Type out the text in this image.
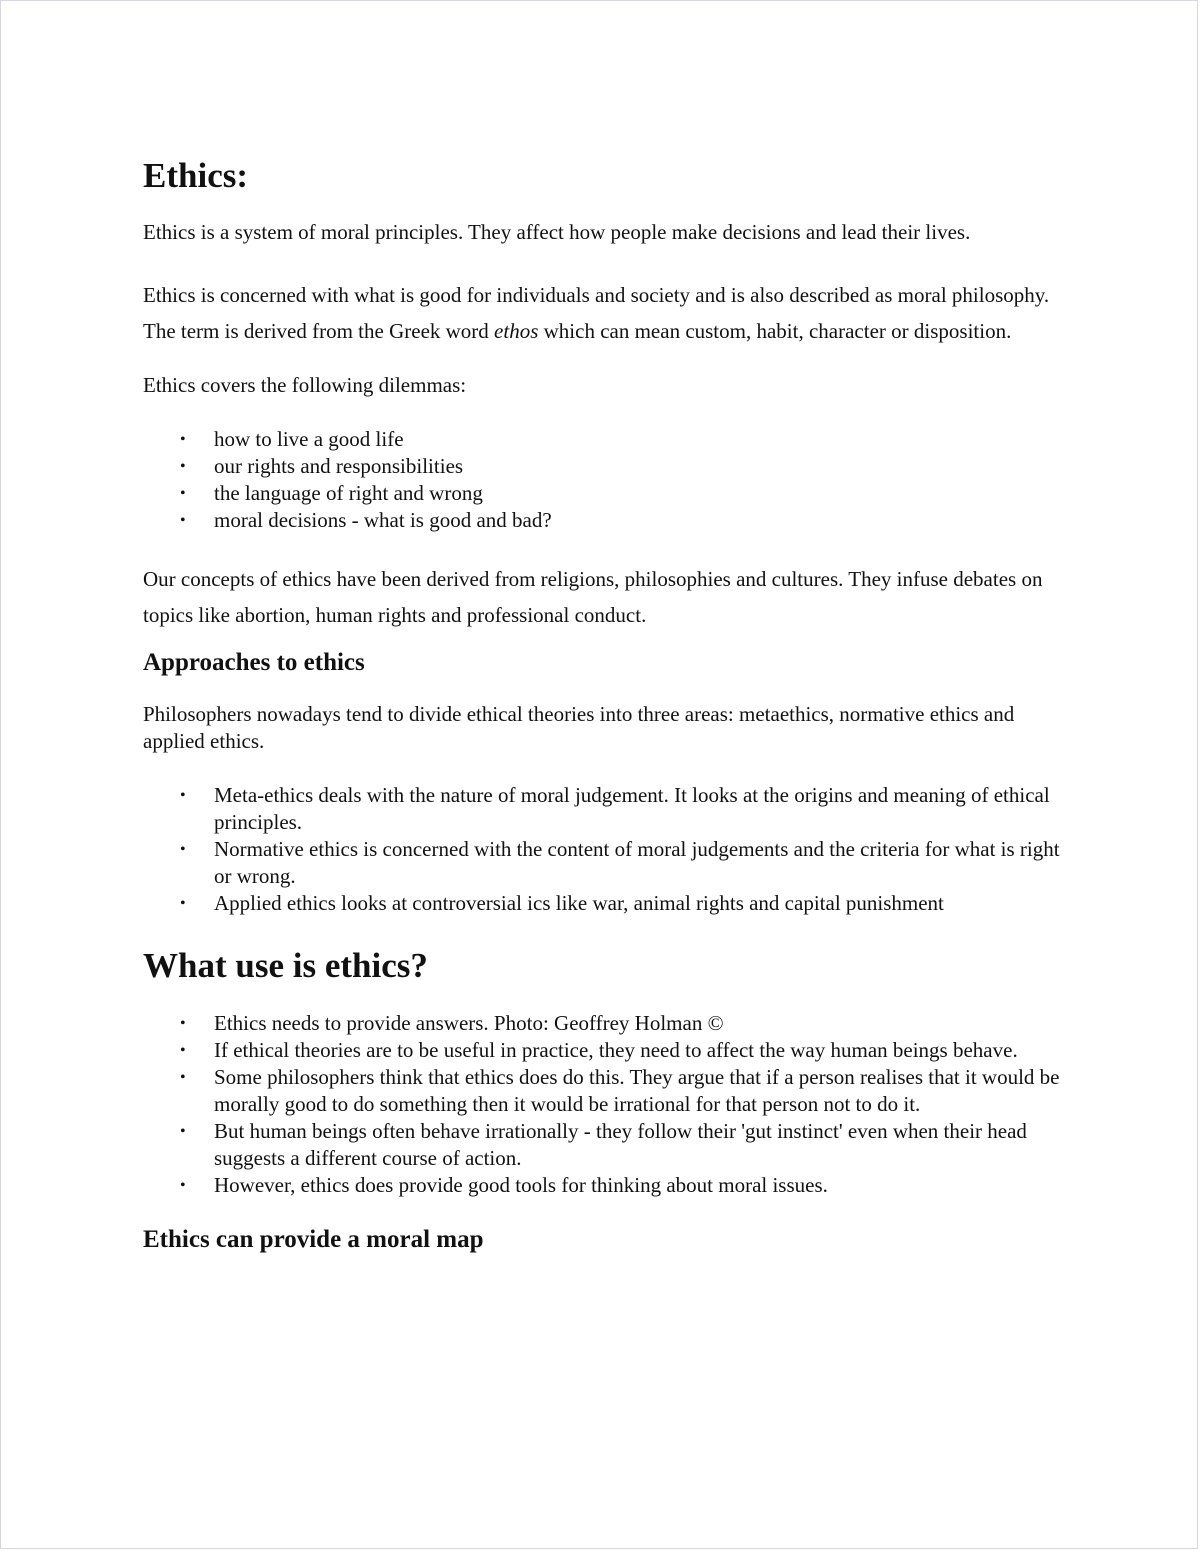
Ethics:

Ethics is a system of moral principles. They affect how people make decisions and lead their lives.

Ethics is concerned with what is good for individuals and society and is also described as moral philosophy.

The term is derived from the Greek word ethos which can mean custom, habit, character or disposition.

Ethics covers the following dilemmas:

• how to live a good life
• our rights and responsibilities
• the language of right and wrong
• moral decisions - what is good and bad?

Our concepts of ethics have been derived from religions, philosophies and cultures. They infuse debates on topics like abortion, human rights and professional conduct.

Approaches to ethics

Philosophers nowadays tend to divide ethical theories into three areas: metaethics, normative ethics and applied ethics.

• Meta-ethics deals with the nature of moral judgement. It looks at the origins and meaning of ethical principles.
• Normative ethics is concerned with the content of moral judgements and the criteria for what is right or wrong.
• Applied ethics looks at controversial ics like war, animal rights and capital punishment
What use is ethics?
• Ethics needs to provide answers. Photo: Geoffrey Holman ©
• If ethical theories are to be useful in practice, they need to affect the way human beings behave.
• Some philosophers think that ethics does do this. They argue that if a person realises that it would be morally good to do something then it would be irrational for that person not to do it.
• But human beings often behave irrationally - they follow their 'gut instinct' even when their head suggests a different course of action.
• However, ethics does provide good tools for thinking about moral issues.
Ethics can provide a moral map
